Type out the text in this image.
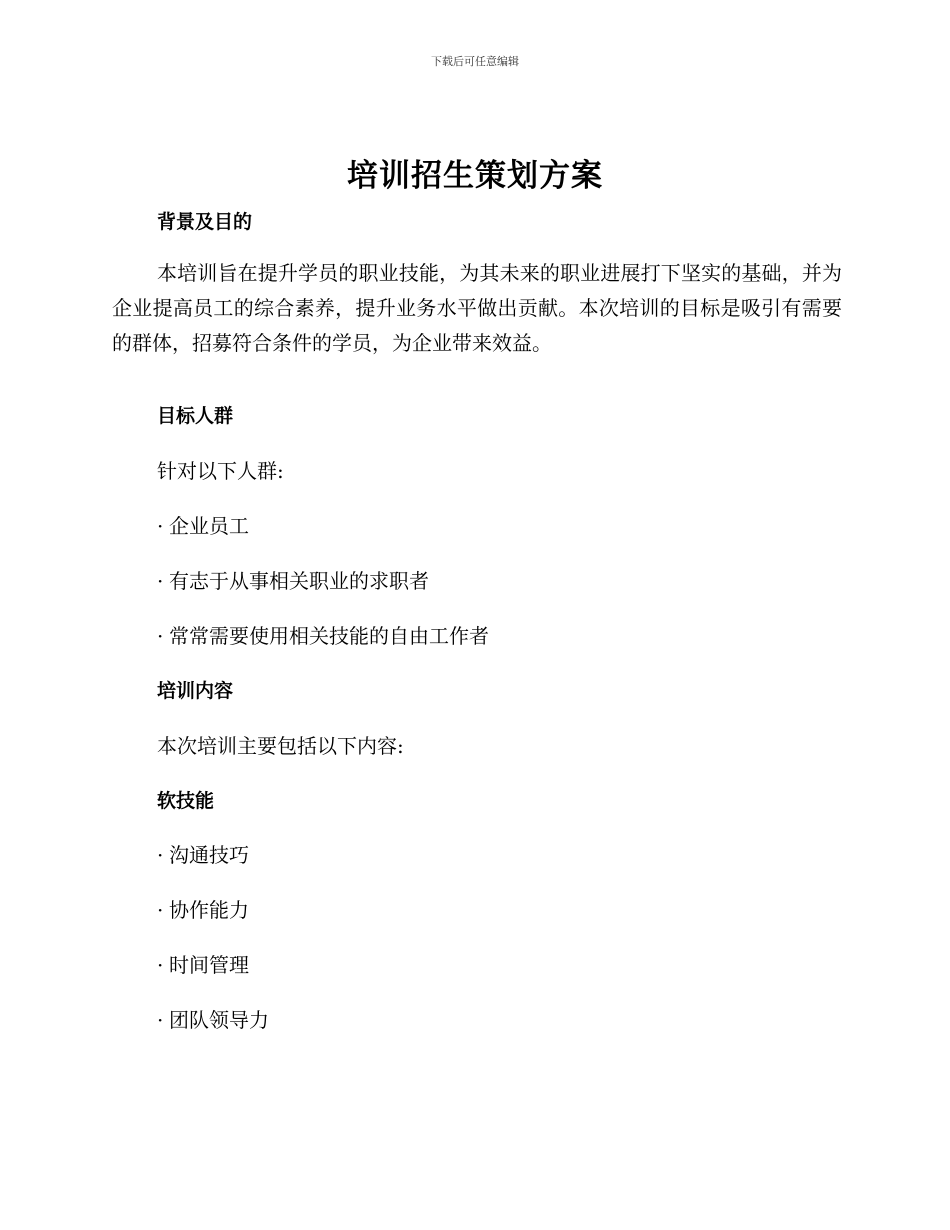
下载后可任意编辑
培训招生策划方案
背景及目的

本培训旨在提升学员的职业技能，为其未来的职业进展打下坚实的基础，并为企业提高员工的综合素养，提升业务水平做出贡献。本次培训的目标是吸引有需要的群体，招募符合条件的学员，为企业带来效益。

目标人群

针对以下人群:

· 企业员工

· 有志于从事相关职业的求职者

· 常常需要使用相关技能的自由工作者

培训内容

本次培训主要包括以下内容:

软技能

· 沟通技巧

· 协作能力

· 时间管理

· 团队领导力
